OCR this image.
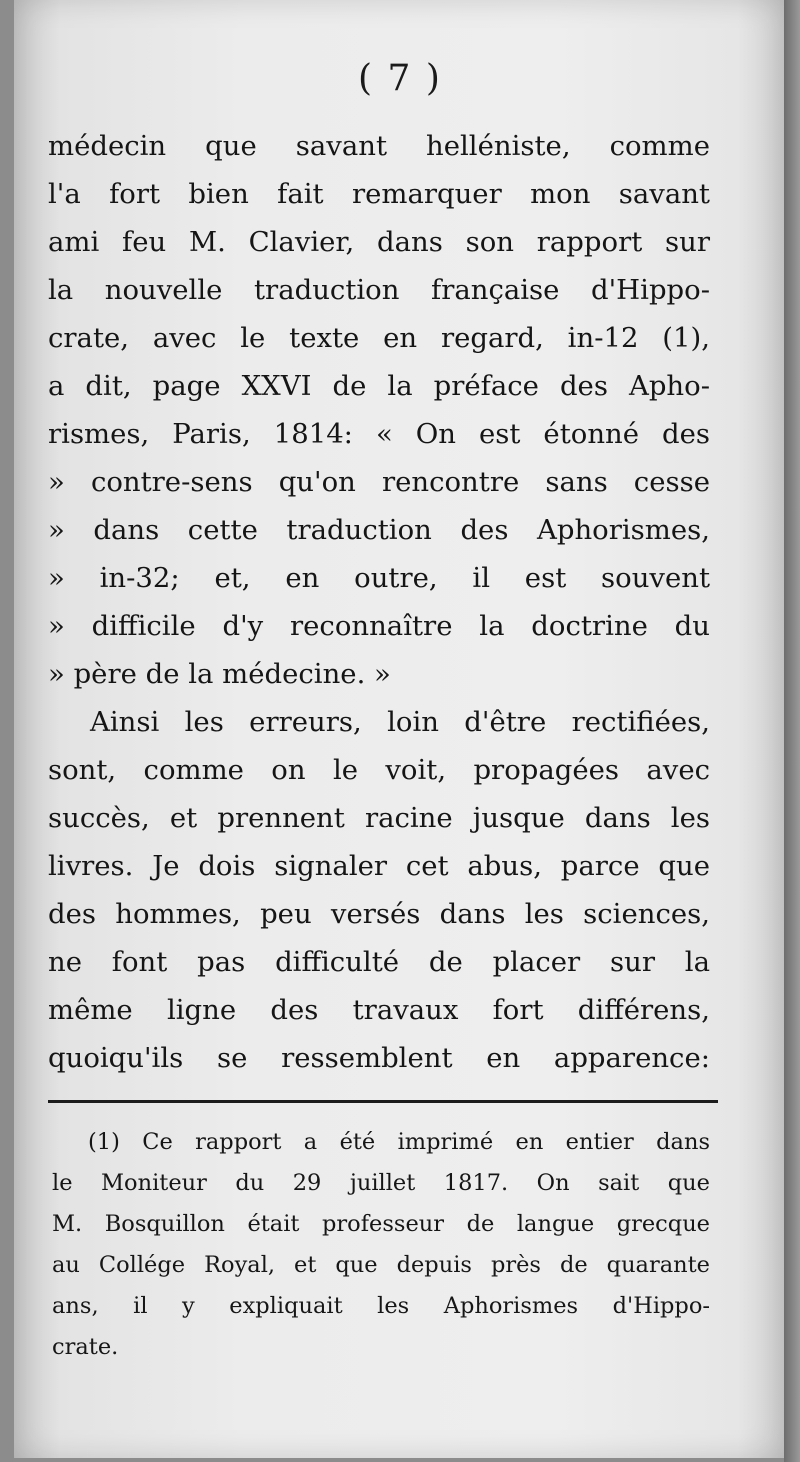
( 7 )

médecin que savant helléniste, comme
l'a fort bien fait remarquer mon savant
ami feu M. Clavier, dans son rapport sur
la nouvelle traduction française d'Hippo-
crate, avec le texte en regard, in-12 (1),
a dit, page XXVI de la préface des Apho-
rismes, Paris, 1814: « On est étonné des
» contre-sens qu'on rencontre sans cesse
» dans cette traduction des Aphorismes,
» in-32; et, en outre, il est souvent
» difficile d'y reconnaître la doctrine du
» père de la médecine. »
Ainsi les erreurs, loin d'être rectifiées,
sont, comme on le voit, propagées avec
succès, et prennent racine jusque dans les
livres. Je dois signaler cet abus, parce que
des hommes, peu versés dans les sciences,
ne font pas difficulté de placer sur la
même ligne des travaux fort différens,
quoiqu'ils se ressemblent en apparence:
(1) Ce rapport a été imprimé en entier dans
le Moniteur du 29 juillet 1817. On sait que
M. Bosquillon était professeur de langue grecque
au Collége Royal, et que depuis près de quarante
ans, il y expliquait les Aphorismes d'Hippo-
crate.
